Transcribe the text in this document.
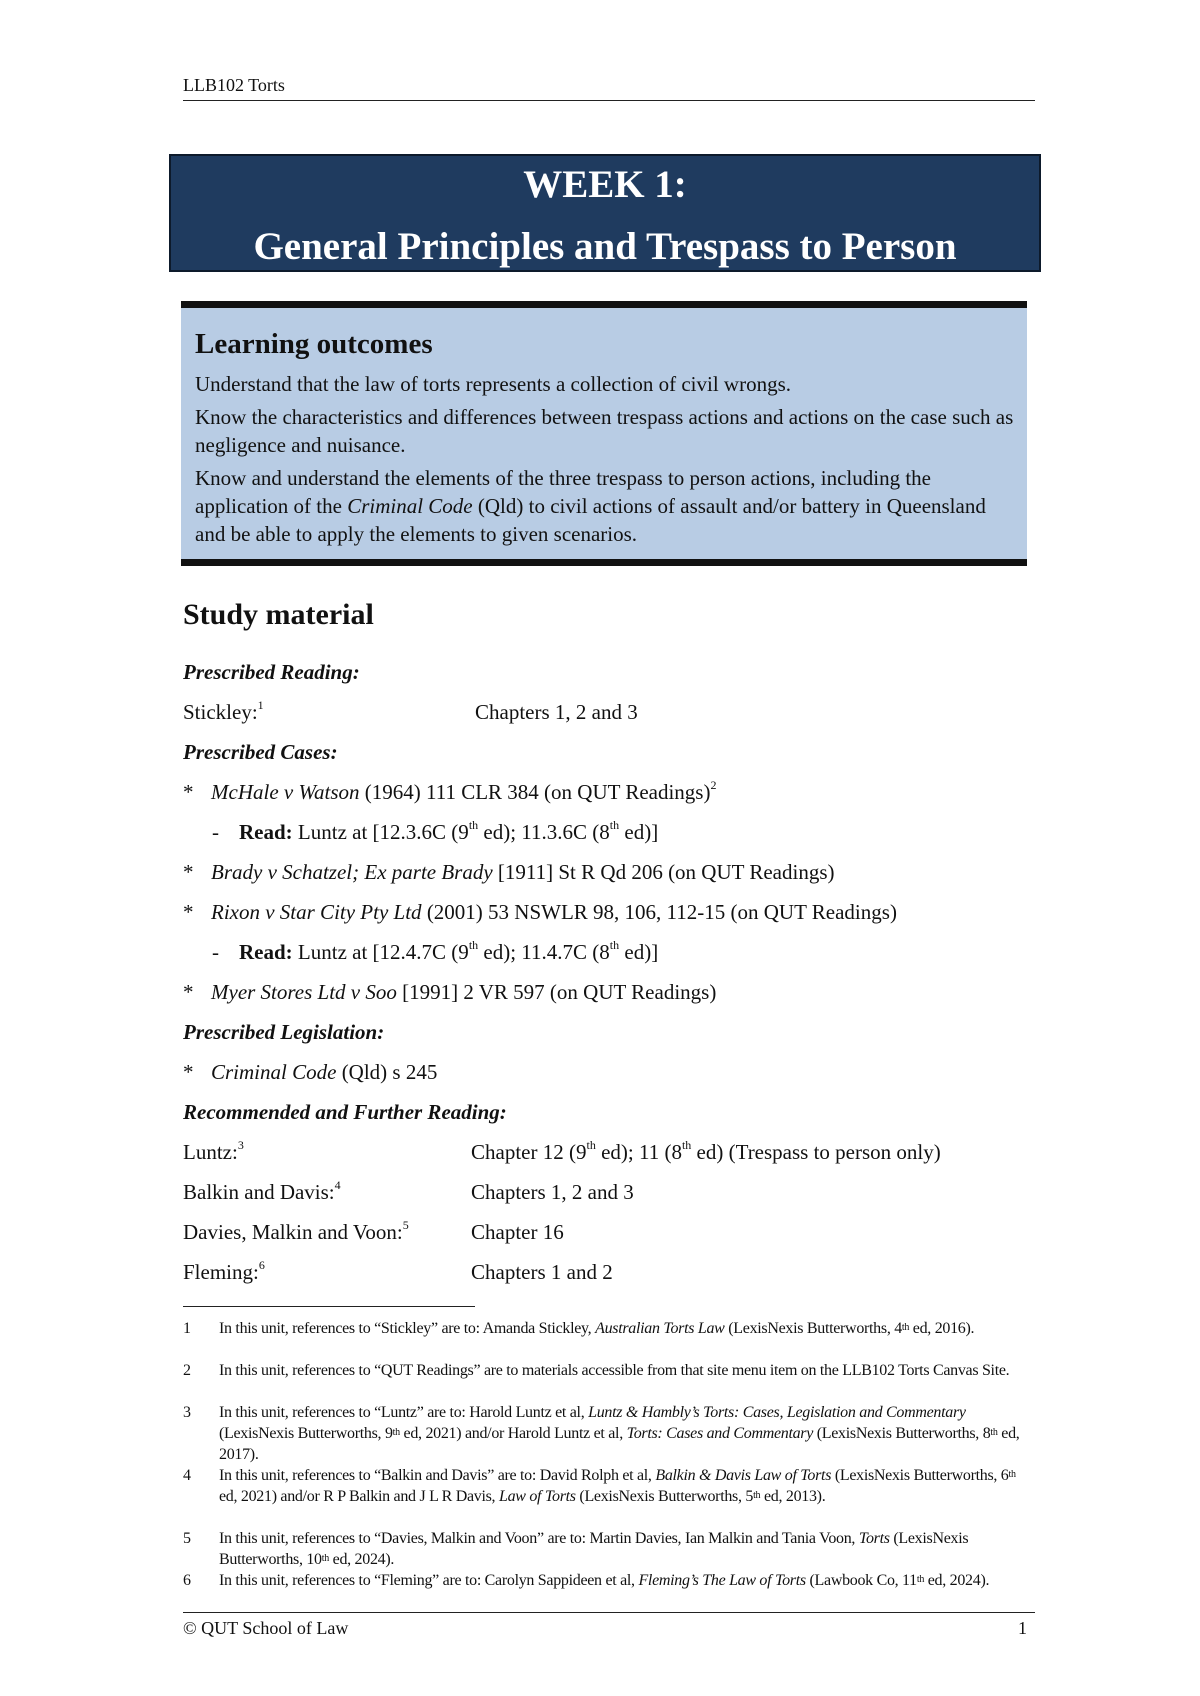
LLB102 Torts
WEEK 1:
General Principles and Trespass to Person
Learning outcomes
Understand that the law of torts represents a collection of civil wrongs.
Know the characteristics and differences between trespass actions and actions on the case such as negligence and nuisance.
Know and understand the elements of the three trespass to person actions, including the application of the Criminal Code (Qld) to civil actions of assault and/or battery in Queensland and be able to apply the elements to given scenarios.
Study material
Prescribed Reading:
Stickley:$^1$	Chapters 1, 2 and 3
Prescribed Cases:
* McHale v Watson (1964) 111 CLR 384 (on QUT Readings)$^2$
- Read: Luntz at [12.3.6C (9th ed); 11.3.6C (8th ed)]
* Brady v Schatzel; Ex parte Brady [1911] St R Qd 206 (on QUT Readings)
* Rixon v Star City Pty Ltd (2001) 53 NSWLR 98, 106, 112-15 (on QUT Readings)
- Read: Luntz at [12.4.7C (9th ed); 11.4.7C (8th ed)]
* Myer Stores Ltd v Soo [1991] 2 VR 597 (on QUT Readings)
Prescribed Legislation:
* Criminal Code (Qld) s 245
Recommended and Further Reading:
Luntz:$^3$	Chapter 12 (9th ed); 11 (8th ed) (Trespass to person only)
Balkin and Davis:$^4$	Chapters 1, 2 and 3
Davies, Malkin and Voon:$^5$	Chapter 16
Fleming:$^6$	Chapters 1 and 2
1 In this unit, references to “Stickley” are to: Amanda Stickley, Australian Torts Law (LexisNexis Butterworths, 4th ed, 2016).
2 In this unit, references to “QUT Readings” are to materials accessible from that site menu item on the LLB102 Torts Canvas Site.
3 In this unit, references to “Luntz” are to: Harold Luntz et al, Luntz & Hambly’s Torts: Cases, Legislation and Commentary (LexisNexis Butterworths, 9th ed, 2021) and/or Harold Luntz et al, Torts: Cases and Commentary (LexisNexis Butterworths, 8th ed, 2017).
4 In this unit, references to “Balkin and Davis” are to: David Rolph et al, Balkin & Davis Law of Torts (LexisNexis Butterworths, 6th ed, 2021) and/or R P Balkin and J L R Davis, Law of Torts (LexisNexis Butterworths, 5th ed, 2013).
5 In this unit, references to “Davies, Malkin and Voon” are to: Martin Davies, Ian Malkin and Tania Voon, Torts (LexisNexis Butterworths, 10th ed, 2024).
6 In this unit, references to “Fleming” are to: Carolyn Sappideen et al, Fleming’s The Law of Torts (Lawbook Co, 11th ed, 2024).
© QUT School of Law	1
